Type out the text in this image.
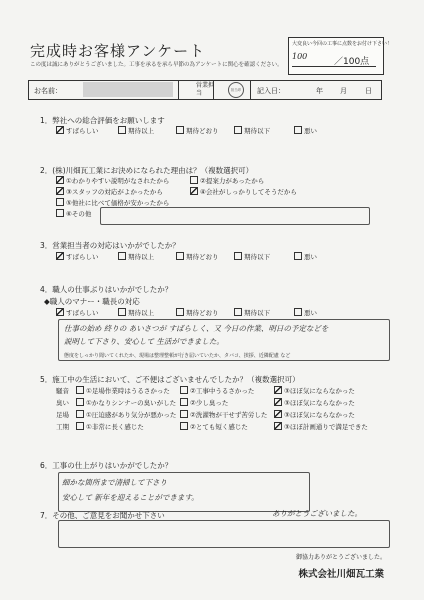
完成時お客様アンケート
この度は誠にありがとうございました。工事を承るを承ら早節の為アンケートに関心を確認ください。
大変良い今回の工事に点数をお付け下さい！
100
／100点
お名前：
営業担当	担当印	記入日：	年 月	日
1．弊社への総合評価をお願いします
すばらしい	期待以上	期待どおり	期待以下	悪い
2．(株)川畑瓦工業にお決めになられた理由は？（複数選択可）
①わかりやすい説明がなされたから	②提案力があったから
③スタッフの対応がよかったから	④会社がしっかりしてそうだから
⑤他社に比べて価格が安かったから
⑥その他
3．営業担当者の対応はいかがでしたか？
すばらしい	期待以上	期待どおり	期待以下	悪い
4．職人の仕事ぶりはいかがでしたか？
◆職人のマナー・職長の対応
すばらしい	期待以上	期待どおり	期待以下	悪い
仕事の始め 終りの あいさつが すばらしく、又 今日の作業、明日の予定などを
説明して下さり、安心して 生活ができました。
態度をしっかり聞いてくれたか、現場は整理整頓が行き届いていたか、タバコ、挨拶、近隣配慮 など
5．施工中の生活において、ご不便はございませんでしたか？（複数選択可）
騒音	①足場作業時はうるさかった	②工事中うるさかった	③ほぼ気にならなかった
臭い	①かなりシンナーの臭いがした	②少し臭った	③ほぼ気にならなかった
足場	①圧迫感があり気分が悪かった	②洗濯物が干せず苦労した	③ほぼ気にならなかった
工期	①非常に長く感じた	②とても短く感じた	③ほぼ計画通りで満足できた
6．工事の仕上がりはいかがでしたか？
細かな箇所まで清掃して下さり
安心して 新年を迎えることができます。
7．その他、ご意見をお聞かせ下さい	ありがとうございました。
御協力ありがとうございました。
株式会社川畑瓦工業
